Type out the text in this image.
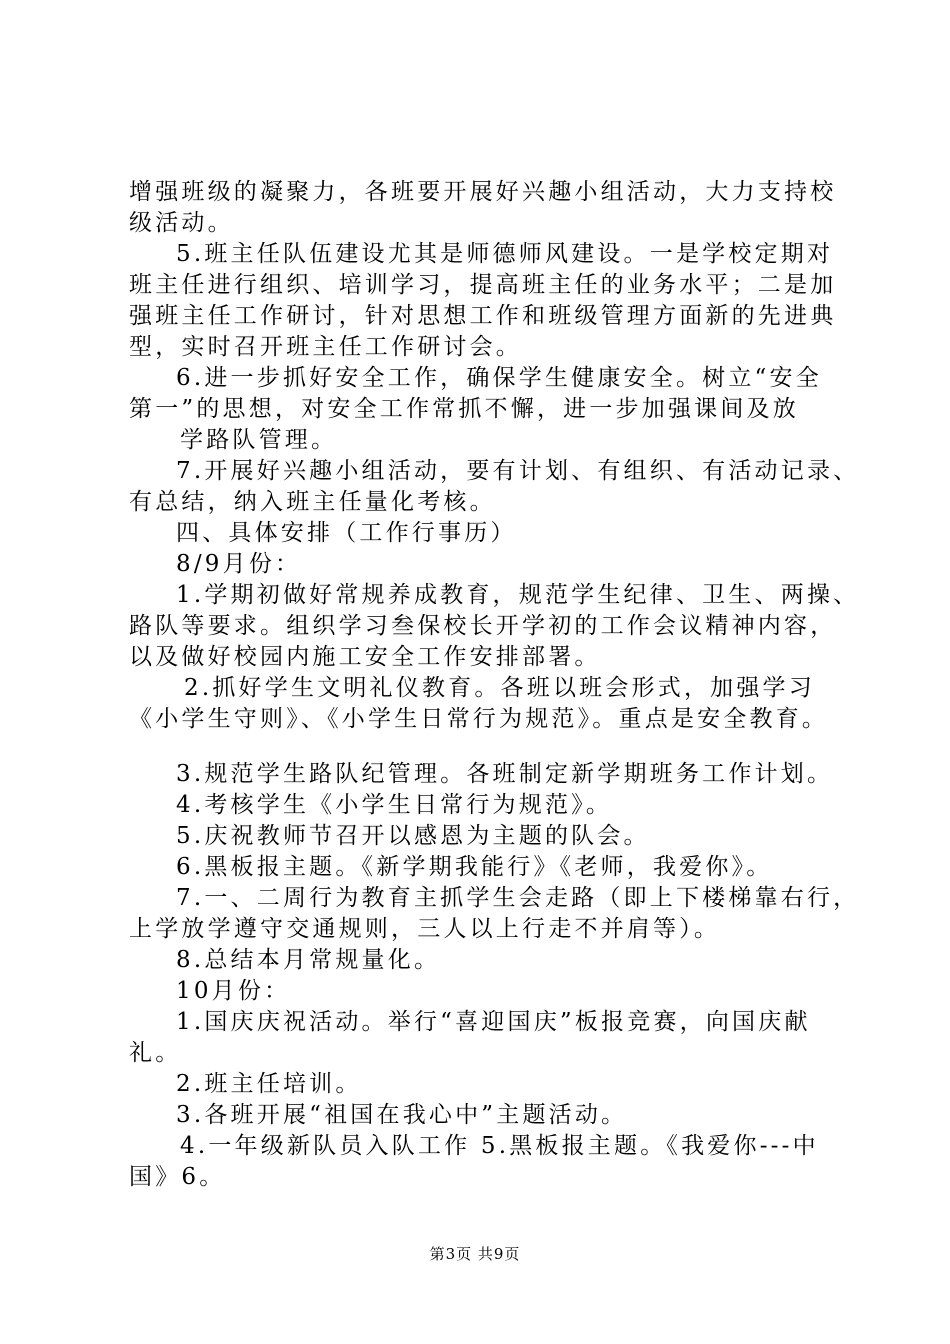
增强班级的凝聚力，各班要开展好兴趣小组活动，大力支持校
级活动。
5.班主任队伍建设尤其是师德师风建设。一是学校定期对
班主任进行组织、培训学习，提高班主任的业务水平；二是加
强班主任工作研讨，针对思想工作和班级管理方面新的先进典
型，实时召开班主任工作研讨会。
6.进一步抓好安全工作，确保学生健康安全。树立“安全
第一”的思想，对安全工作常抓不懈，进一步加强课间及放
学路队管理。
7.开展好兴趣小组活动，要有计划、有组织、有活动记录、
有总结，纳入班主任量化考核。
四、具体安排（工作行事历）
8/9月份：
1.学期初做好常规养成教育，规范学生纪律、卫生、两操、
路队等要求。组织学习叁保校长开学初的工作会议精神内容，
以及做好校园内施工安全工作安排部署。
2.抓好学生文明礼仪教育。各班以班会形式，加强学习
《小学生守则》、《小学生日常行为规范》。重点是安全教育。
3.规范学生路队纪管理。各班制定新学期班务工作计划。
4.考核学生《小学生日常行为规范》。
5.庆祝教师节召开以感恩为主题的队会。
6.黑板报主题。《新学期我能行》《老师，我爱你》。
7.一、二周行为教育主抓学生会走路（即上下楼梯靠右行，
上学放学遵守交通规则，三人以上行走不并肩等）。
8.总结本月常规量化。
10月份：
1.国庆庆祝活动。举行“喜迎国庆”板报竞赛，向国庆献
礼。
2.班主任培训。
3.各班开展“祖国在我心中”主题活动。
4.一年级新队员入队工作 5.黑板报主题。《我爱你---中
国》6。
第3页 共9页
